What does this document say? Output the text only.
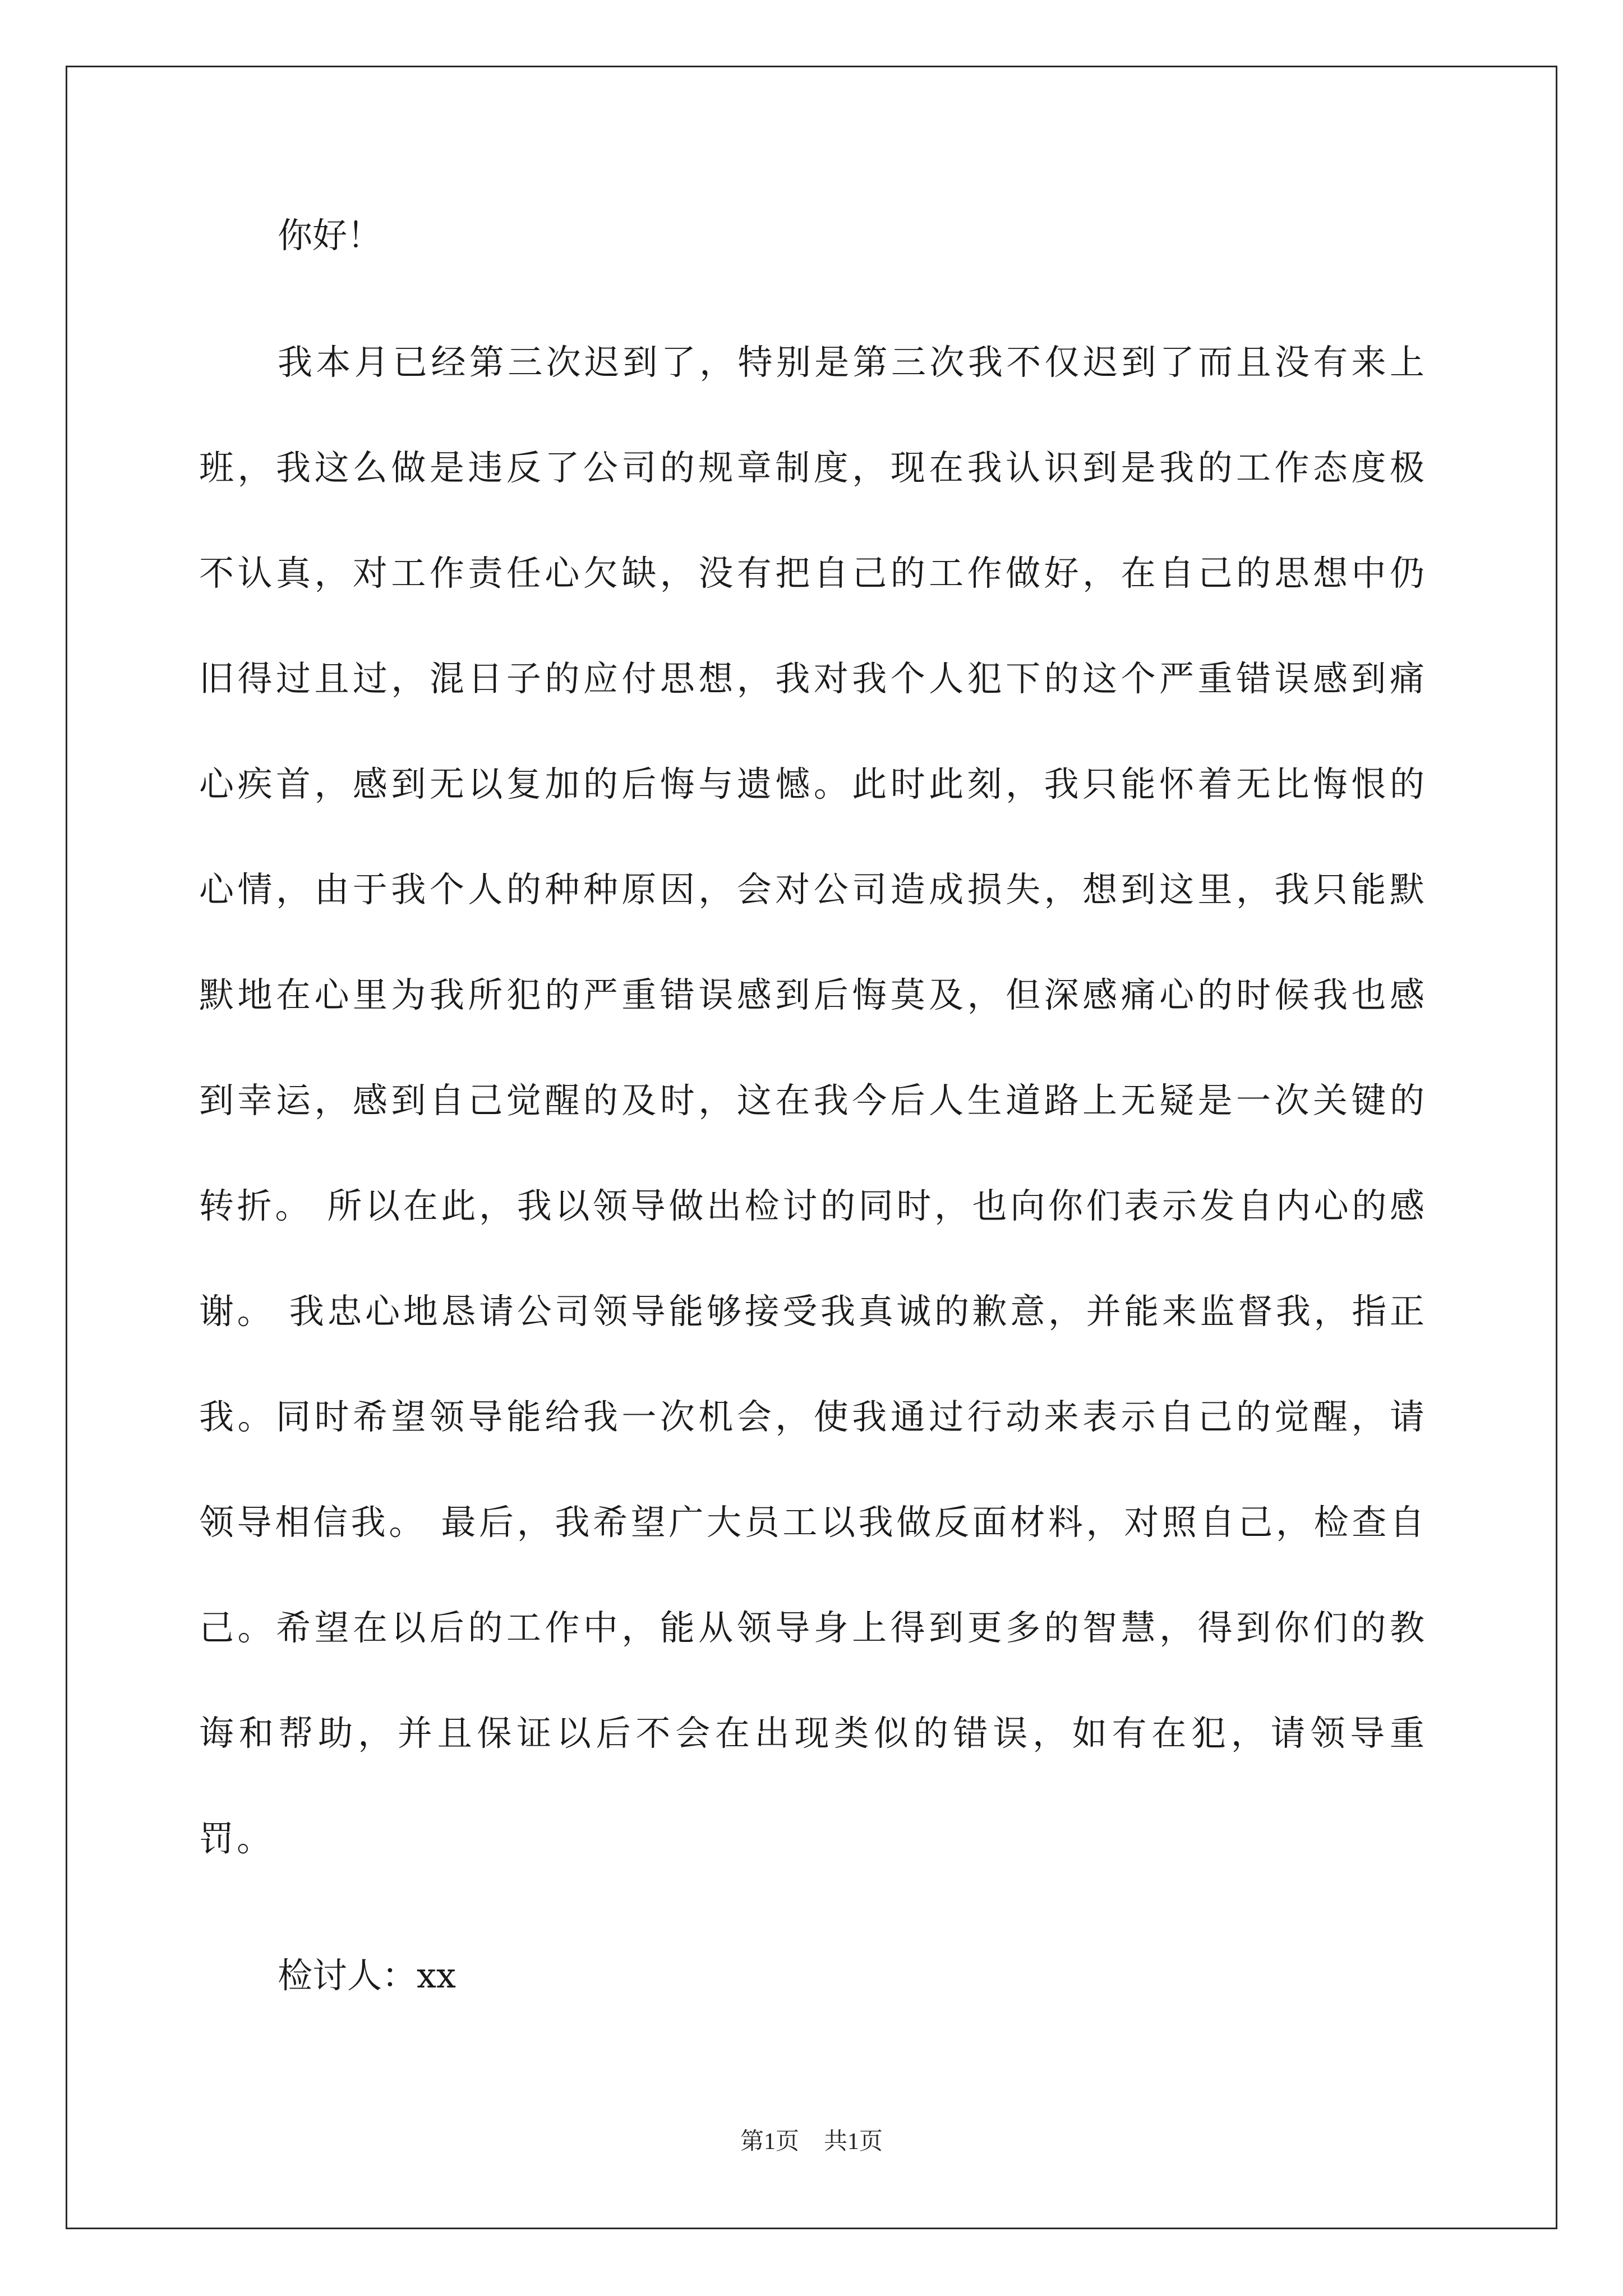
你好！

我本月已经第三次迟到了，特别是第三次我不仅迟到了而且没有来上班，我这么做是违反了公司的规章制度，现在我认识到是我的工作态度极不认真，对工作责任心欠缺，没有把自己的工作做好，在自己的思想中仍旧得过且过，混日子的应付思想，我对我个人犯下的这个严重错误感到痛心疾首，感到无以复加的后悔与遗憾。此时此刻，我只能怀着无比悔恨的心情，由于我个人的种种原因，会对公司造成损失，想到这里，我只能默默地在心里为我所犯的严重错误感到后悔莫及，但深感痛心的时候我也感到幸运，感到自己觉醒的及时，这在我今后人生道路上无疑是一次关键的转折。 所以在此，我以领导做出检讨的同时，也向你们表示发自内心的感谢。 我忠心地恳请公司领导能够接受我真诚的歉意，并能来监督我，指正我。同时希望领导能给我一次机会，使我通过行动来表示自己的觉醒，请领导相信我。 最后，我希望广大员工以我做反面材料，对照自己，检查自己。希望在以后的工作中，能从领导身上得到更多的智慧，得到你们的教诲和帮助，并且保证以后不会在出现类似的错误，如有在犯，请领导重罚。

检讨人：xx

第1页 共1页
